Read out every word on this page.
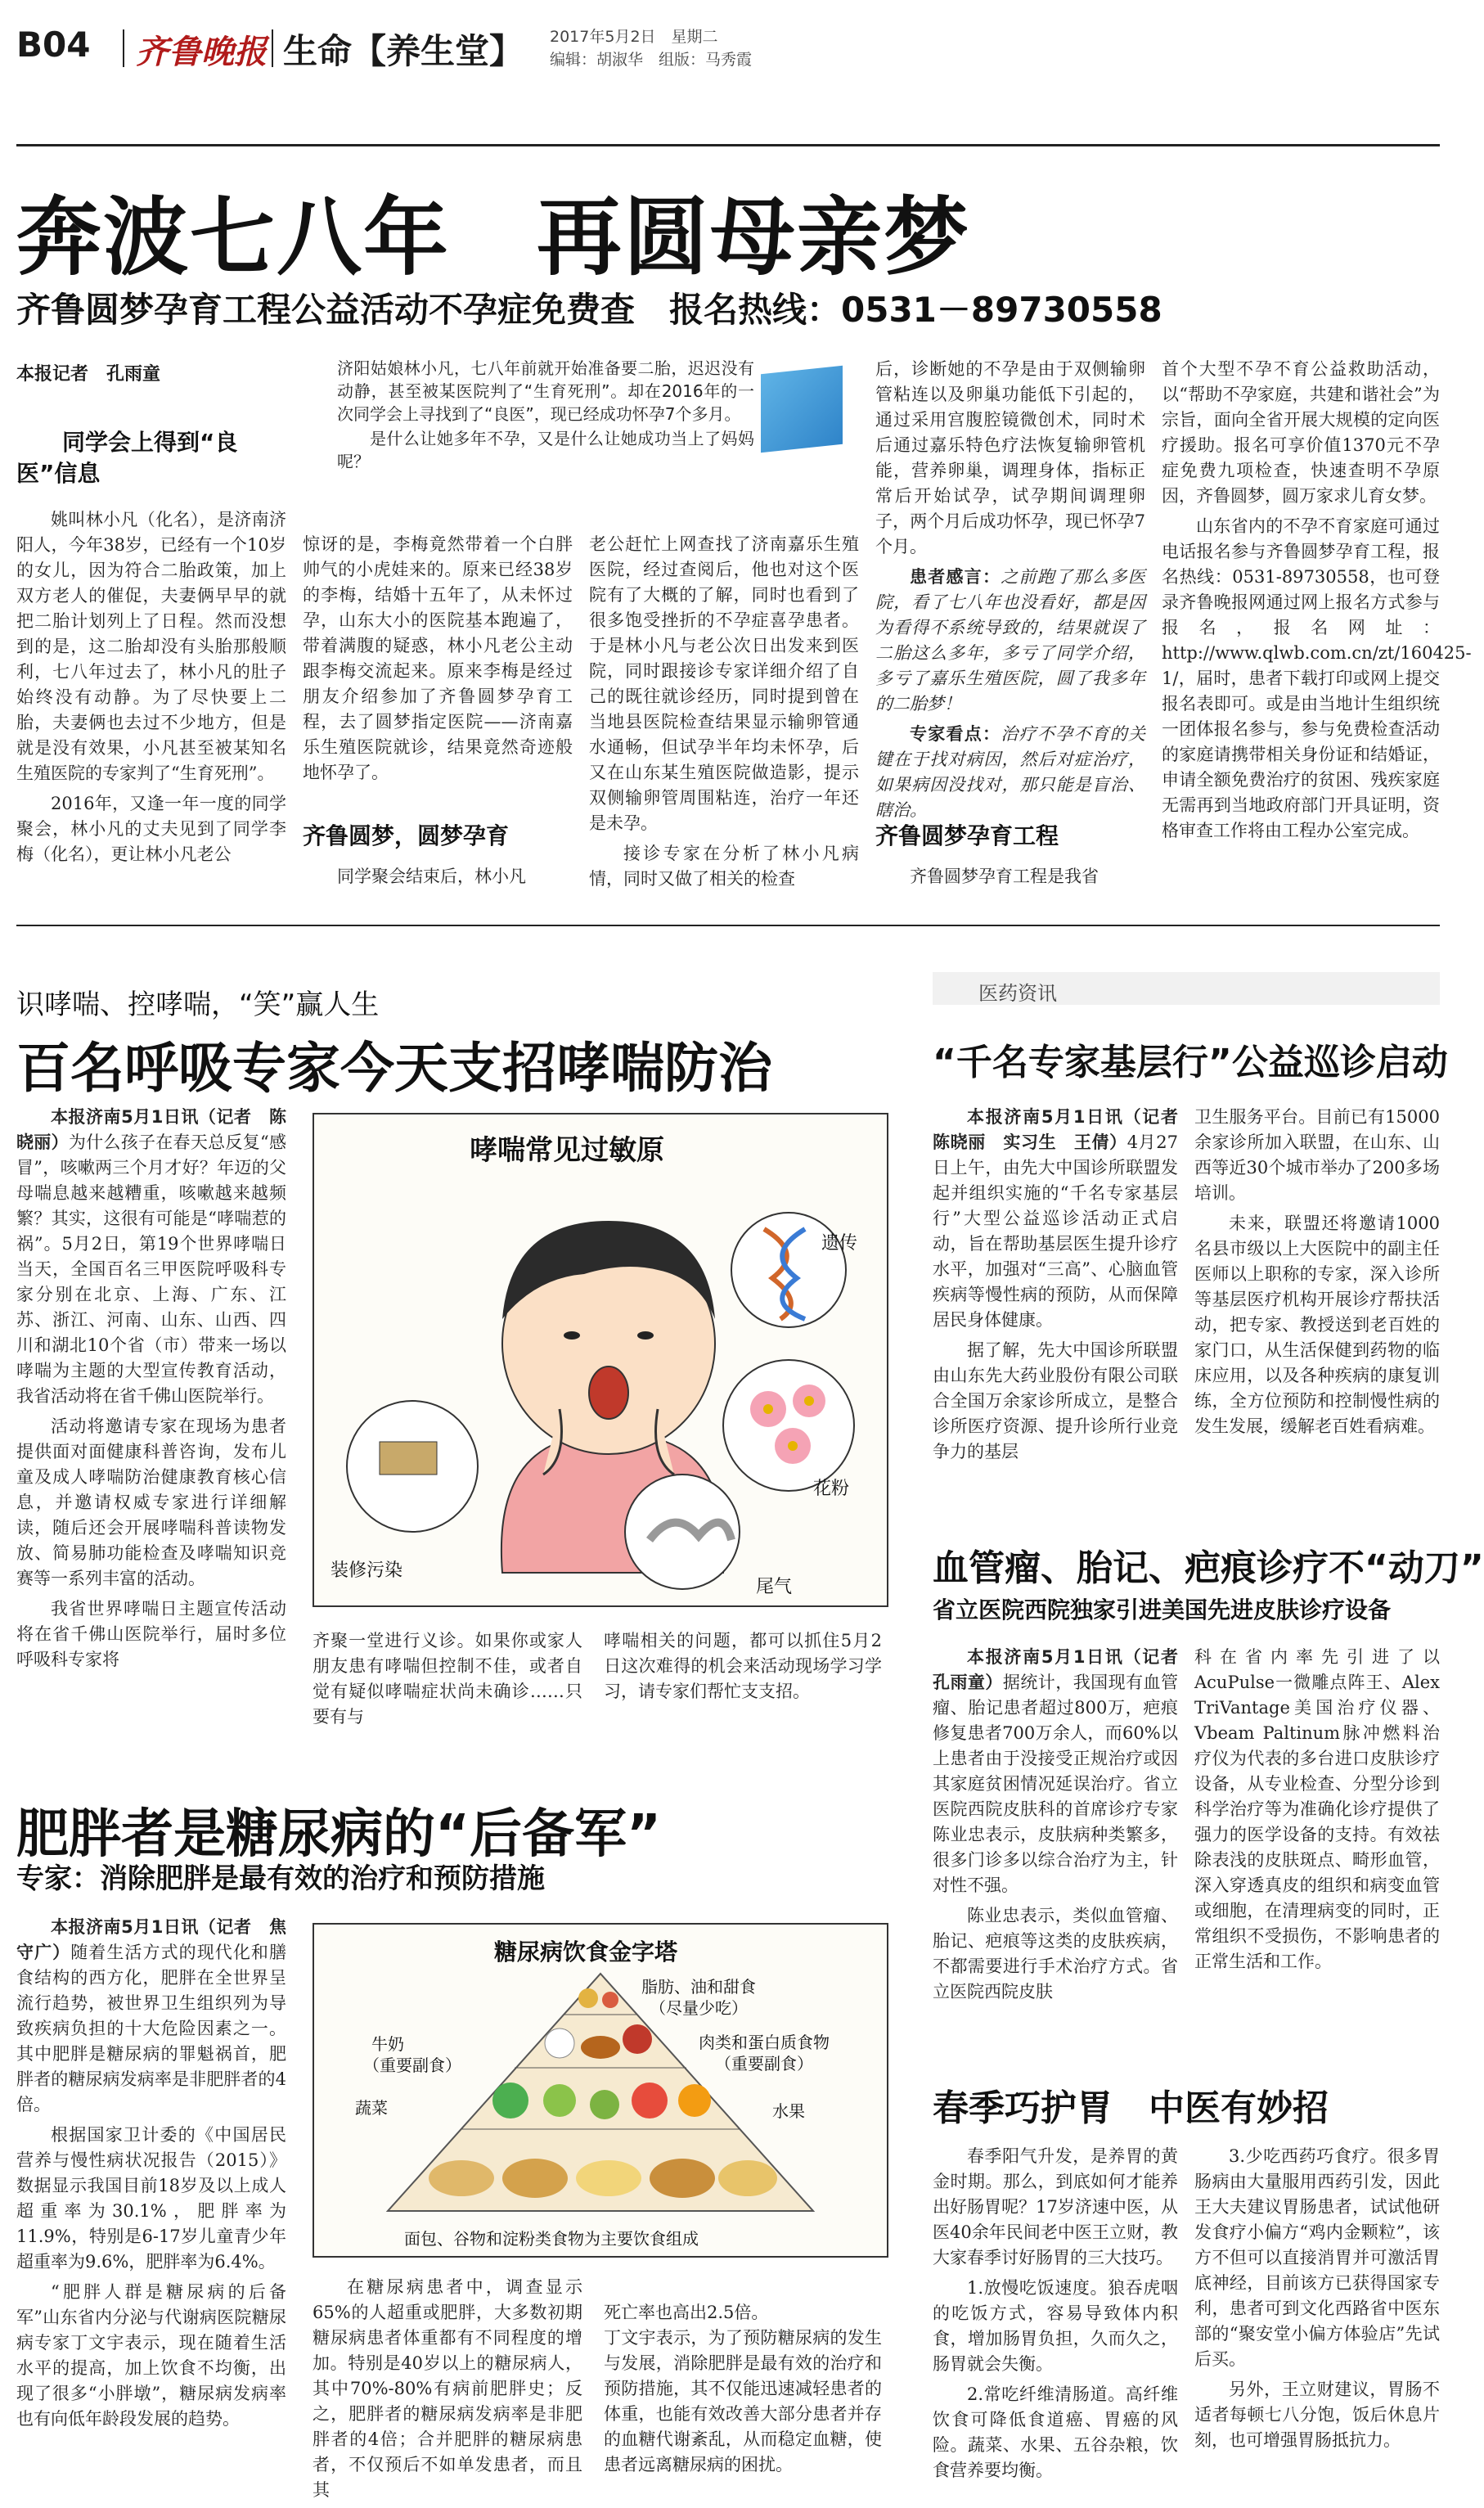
B04 齐鲁晚报 生命【养生堂】 2017年5月2日　星期二
编辑：胡淑华　组版：马秀霞
奔波七八年　再圆母亲梦
齐鲁圆梦孕育工程公益活动不孕症免费查　报名热线：0531－89730558
本报记者　孔雨童	济阳姑娘林小凡，七八年前就开始准备要二胎，迟迟没有动静，甚至被某医院判了“生育死刑”。却在2016年的一次同学会上寻找到了“良医”，现已经成功怀孕7个多月。
是什么让她多年不孕，又是什么让她成功当上了妈妈呢？
同学会上得到“良医”信息

姚叫林小凡（化名），是济南济阳人，今年38岁，已经有一个10岁的女儿，因为符合二胎政策，加上双方老人的催促，夫妻俩早早的就把二胎计划列上了日程。然而没想到的是，这二胎却没有头胎那般顺利，七八年过去了，林小凡的肚子始终没有动静。为了尽快要上二胎，夫妻俩也去过不少地方，但是就是没有效果，小凡甚至被某知名生殖医院的专家判了“生育死刑”。

2016年，又逢一年一度的同学聚会，林小凡的丈夫见到了同学李梅（化名），更让林小凡老公

惊讶的是，李梅竟然带着一个白胖帅气的小虎娃来的。原来已经38岁的李梅，结婚十五年了，从未怀过孕，山东大小的医院基本跑遍了，带着满腹的疑惑，林小凡老公主动跟李梅交流起来。原来李梅是经过朋友介绍参加了齐鲁圆梦孕育工程，去了圆梦指定医院——济南嘉乐生殖医院就诊，结果竟然奇迹般地怀孕了。

齐鲁圆梦，圆梦孕育

同学聚会结束后，林小凡

老公赶忙上网查找了济南嘉乐生殖医院，经过查阅后，他也对这个医院有了大概的了解，同时也看到了很多饱受挫折的不孕症喜孕患者。于是林小凡与老公次日出发来到医院，同时跟接诊专家详细介绍了自己的既往就诊经历，同时提到曾在当地县医院检查结果显示输卵管通水通畅，但试孕半年均未怀孕，后又在山东某生殖医院做造影，提示双侧输卵管周围粘连，治疗一年还是未孕。

接诊专家在分析了林小凡病情，同时又做了相关的检查

后，诊断她的不孕是由于双侧输卵管粘连以及卵巢功能低下引起的，通过采用宫腹腔镜微创术，同时术后通过嘉乐特色疗法恢复输卵管机能，营养卵巢，调理身体，指标正常后开始试孕，试孕期间调理卵子，两个月后成功怀孕，现已怀孕7个月。

患者感言：之前跑了那么多医院，看了七八年也没看好，都是因为看得不系统导致的，结果就误了二胎这么多年，多亏了同学介绍，多亏了嘉乐生殖医院，圆了我多年的二胎梦！

专家看点：治疗不孕不育的关键在于找对病因，然后对症治疗，如果病因没找对，那只能是盲治、瞎治。

齐鲁圆梦孕育工程

齐鲁圆梦孕育工程是我省

首个大型不孕不育公益救助活动，以“帮助不孕家庭，共建和谐社会”为宗旨，面向全省开展大规模的定向医疗援助。报名可享价值1370元不孕症免费九项检查，快速查明不孕原因，齐鲁圆梦，圆万家求儿育女梦。

山东省内的不孕不育家庭可通过电话报名参与齐鲁圆梦孕育工程，报名热线：0531-89730558，也可登录齐鲁晚报网通过网上报名方式参与报名，报名网址：http://www.qlwb.com.cn/zt/160425-1/，届时，患者下载打印或网上提交报名表即可。或是由当地计生组织统一团体报名参与，参与免费检查活动的家庭请携带相关身份证和结婚证，申请全额免费治疗的贫困、残疾家庭无需再到当地政府部门开具证明，资格审查工作将由工程办公室完成。

识哮喘、控哮喘，“笑”赢人生
百名呼吸专家今天支招哮喘防治

本报济南5月1日讯（记者　陈晓丽）为什么孩子在春天总反复“感冒”，咳嗽两三个月才好？年迈的父母喘息越来越糟重，咳嗽越来越频繁？其实，这很有可能是“哮喘惹的祸”。5月2日，第19个世界哮喘日当天，全国百名三甲医院呼吸科专家分别在北京、上海、广东、江苏、浙江、河南、山东、山西、四川和湖北10个省（市）带来一场以哮喘为主题的大型宣传教育活动，我省活动将在省千佛山医院举行。

活动将邀请专家在现场为患者提供面对面健康科普咨询，发布儿童及成人哮喘防治健康教育核心信息，并邀请权威专家进行详细解读，随后还会开展哮喘科普读物发放、简易肺功能检查及哮喘知识竞赛等一系列丰富的活动。

我省世界哮喘日主题宣传活动将在省千佛山医院举行，届时多位呼吸科专家将

哮喘常见过敏原
遗传
花粉
装修污染
尾气

齐聚一堂进行义诊。如果你或家人朋友患有哮喘但控制不佳，或者自觉有疑似哮喘症状尚未确诊……只要有与

哮喘相关的问题，都可以抓住5月2日这次难得的机会来活动现场学习学习，请专家们帮忙支支招。

肥胖者是糖尿病的“后备军”
专家：消除肥胖是最有效的治疗和预防措施

本报济南5月1日讯（记者　焦守广）随着生活方式的现代化和膳食结构的西方化，肥胖在全世界呈流行趋势，被世界卫生组织列为导致疾病负担的十大危险因素之一。其中肥胖是糖尿病的罪魁祸首，肥胖者的糖尿病发病率是非肥胖者的4倍。

根据国家卫计委的《中国居民营养与慢性病状况报告（2015）》数据显示我国目前18岁及以上成人超重率为30.1%，肥胖率为11.9%，特别是6-17岁儿童青少年超重率为9.6%，肥胖率为6.4%。

“肥胖人群是糖尿病的后备军”山东省内分泌与代谢病医院糖尿病专家丁文宇表示，现在随着生活水平的提高，加上饮食不均衡，出现了很多“小胖墩”，糖尿病发病率也有向低年龄段发展的趋势。

糖尿病饮食金字塔
脂肪、油和甜食
（尽量少吃）
牛奶
（重要副食）
肉类和蛋白质食物
（重要副食）
蔬菜	水果
面包、谷物和淀粉类食物为主要饮食组成

在糖尿病患者中，调查显示65%的人超重或肥胖，大多数初期糖尿病患者体重都有不同程度的增加。特别是40岁以上的糖尿病人，其中70%-80%有病前肥胖史；反之，肥胖者的糖尿病发病率是非肥胖者的4倍；合并肥胖的糖尿病患者，不仅预后不如单发患者，而且其

死亡率也高出2.5倍。
丁文宇表示，为了预防糖尿病的发生与发展，消除肥胖是最有效的治疗和预防措施，其不仅能迅速减轻患者的体重，也能有效改善大部分患者并存的血糖代谢紊乱，从而稳定血糖，使患者远离糖尿病的困扰。

医药资讯
“千名专家基层行”公益巡诊启动

本报济南5月1日讯（记者　陈晓丽　实习生　王倩）4月27日上午，由先大中国诊所联盟发起并组织实施的“千名专家基层行”大型公益巡诊活动正式启动，旨在帮助基层医生提升诊疗水平，加强对“三高”、心脑血管疾病等慢性病的预防，从而保障居民身体健康。

据了解，先大中国诊所联盟由山东先大药业股份有限公司联合全国万余家诊所成立，是整合诊所医疗资源、提升诊所行业竞争力的基层

卫生服务平台。目前已有15000余家诊所加入联盟，在山东、山西等近30个城市举办了200多场培训。

未来，联盟还将邀请1000名县市级以上大医院中的副主任医师以上职称的专家，深入诊所等基层医疗机构开展诊疗帮扶活动，把专家、教授送到老百姓的家门口，从生活保健到药物的临床应用，以及各种疾病的康复训练，全方位预防和控制慢性病的发生发展，缓解老百姓看病难。

血管瘤、胎记、疤痕诊疗不“动刀”
省立医院西院独家引进美国先进皮肤诊疗设备

本报济南5月1日讯（记者　孔雨童）据统计，我国现有血管瘤、胎记患者超过800万，疤痕修复患者700万余人，而60%以上患者由于没接受正规治疗或因其家庭贫困情况延误治疗。省立医院西院皮肤科的首席诊疗专家陈业忠表示，皮肤病种类繁多，很多门诊多以综合治疗为主，针对性不强。

陈业忠表示，类似血管瘤、胎记、疤痕等这类的皮肤疾病，不都需要进行手术治疗方式。省立医院西院皮肤

科在省内率先引进了以AcuPulse一微雕点阵王、Alex TriVantage美国治疗仪器、Vbeam Paltinum脉冲燃料治疗仪为代表的多台进口皮肤诊疗设备，从专业检查、分型分诊到科学治疗等为准确化诊疗提供了强力的医学设备的支持。有效祛除表浅的皮肤斑点、畸形血管，深入穿透真皮的组织和病变血管或细胞，在清理病变的同时，正常组织不受损伤，不影响患者的正常生活和工作。

春季巧护胃　中医有妙招

春季阳气升发，是养胃的黄金时期。那么，到底如何才能养出好肠胃呢？17岁济速中医，从医40余年民间老中医王立财，教大家春季讨好肠胃的三大技巧。

1.放慢吃饭速度。狼吞虎咽的吃饭方式，容易导致体内积食，增加肠胃负担，久而久之，肠胃就会失衡。

2.常吃纤维清肠道。高纤维饮食可降低食道癌、胃癌的风险。蔬菜、水果、五谷杂粮，饮食营养要均衡。

3.少吃西药巧食疗。很多胃肠病由大量服用西药引发，因此王大夫建议胃肠患者，试试他研发食疗小偏方“鸡内金颗粒”，该方不但可以直接消胃并可激活胃底神经，目前该方已获得国家专利，患者可到文化西路省中医东部的“聚安堂小偏方体验店”先试后买。

另外，王立财建议，胃肠不适者每顿七八分饱，饭后休息片刻，也可增强胃肠抵抗力。
